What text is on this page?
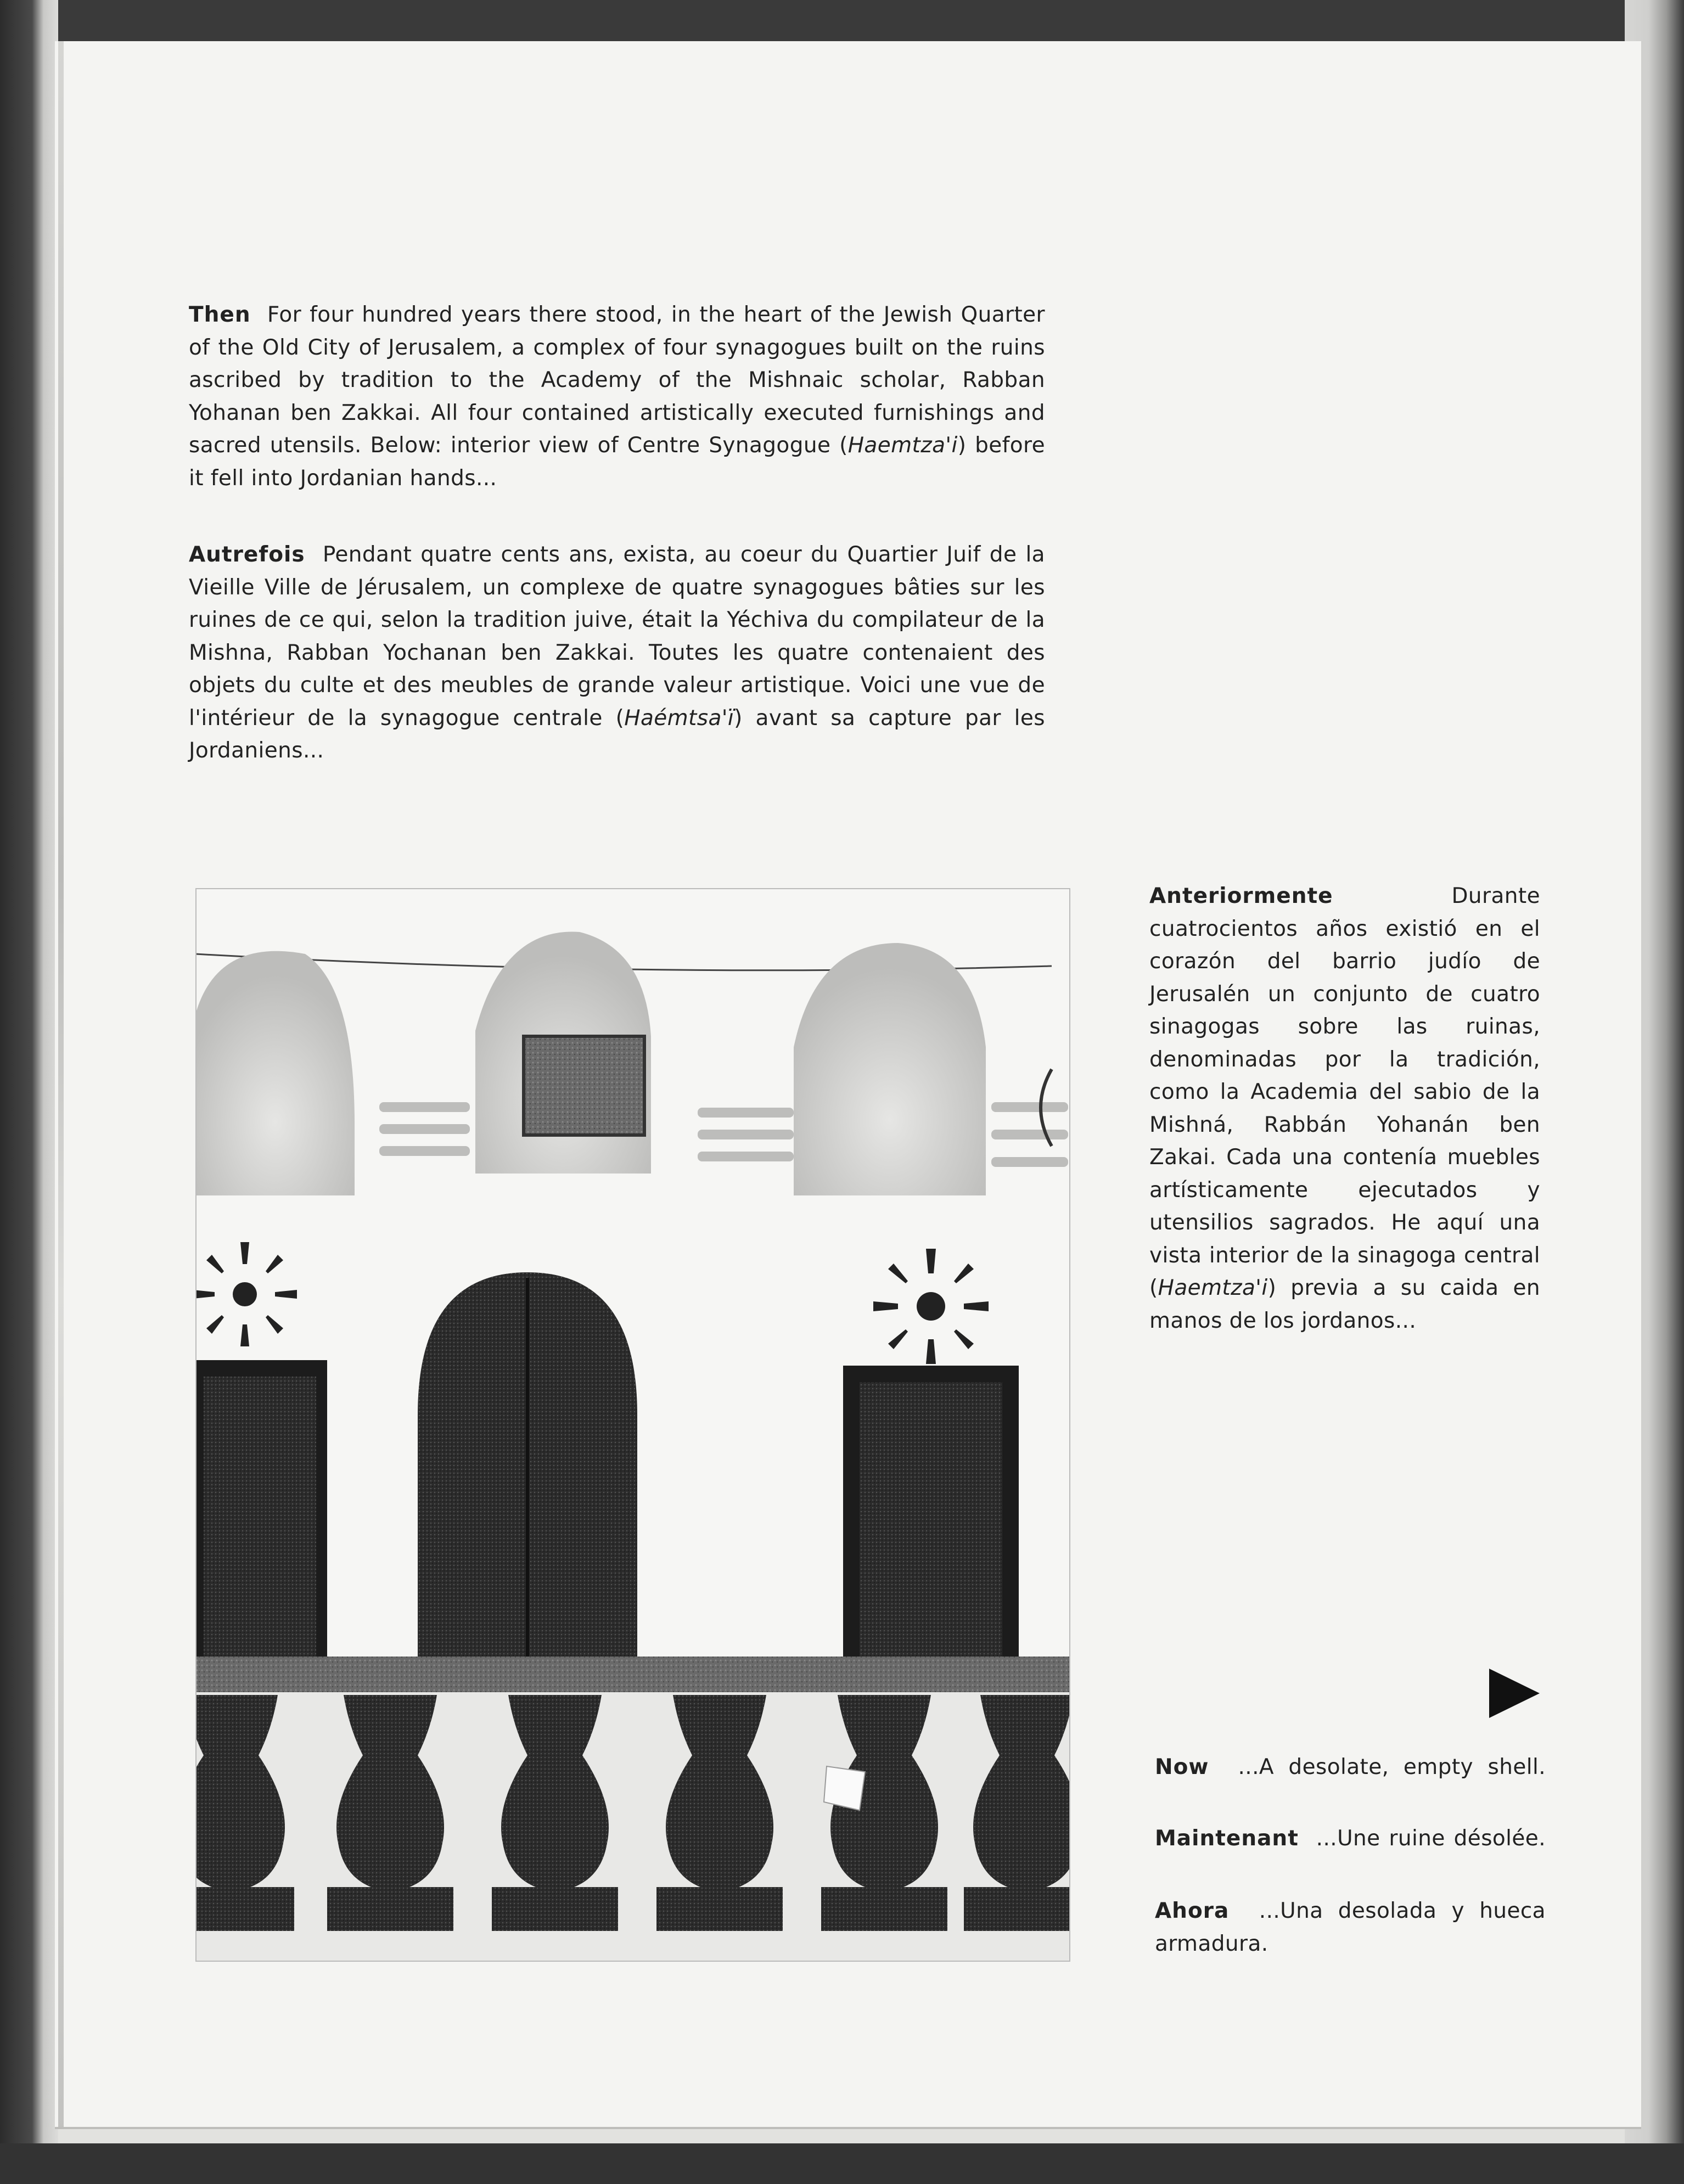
Then For four hundred years there stood, in the heart of the Jewish Quarter of the Old City of Jerusalem, a complex of four synagogues built on the ruins ascribed by tradition to the Academy of the Mishnaic scholar, Rabban Yohanan ben Zakkai. All four contained artistically executed furnishings and sacred utensils. Below: interior view of Centre Synagogue (Haemtza'i) before it fell into Jordanian hands...

Autrefois Pendant quatre cents ans, exista, au coeur du Quartier Juif de la Vieille Ville de Jérusalem, un complexe de quatre synagogues bâties sur les ruines de ce qui, selon la tradition juive, était la Yéchiva du compilateur de la Mishna, Rabban Yochanan ben Zakkai. Toutes les quatre contenaient des objets du culte et des meubles de grande valeur artistique. Voici une vue de l'intérieur de la synagogue centrale (Haémtsa'ï) avant sa capture par les Jordaniens...

Anteriormente	Durante cuatrocientos años existió en el corazón del barrio judío de Jerusalén un conjunto de cuatro sinagogas sobre las ruinas, denominadas por la tradición, como la Academia del sabio de la Mishná, Rabbán Yohanán ben Zakai. Cada una contenía muebles artísticamente ejecutados y utensilios sagrados. He aquí una vista interior de la sinagoga central (Haemtza'i) previa a su caida en manos de los jordanos...

Now ...A desolate, empty shell.

Maintenant ...Une ruine désolée.

Ahora ...Una desolada y hueca armadura.
